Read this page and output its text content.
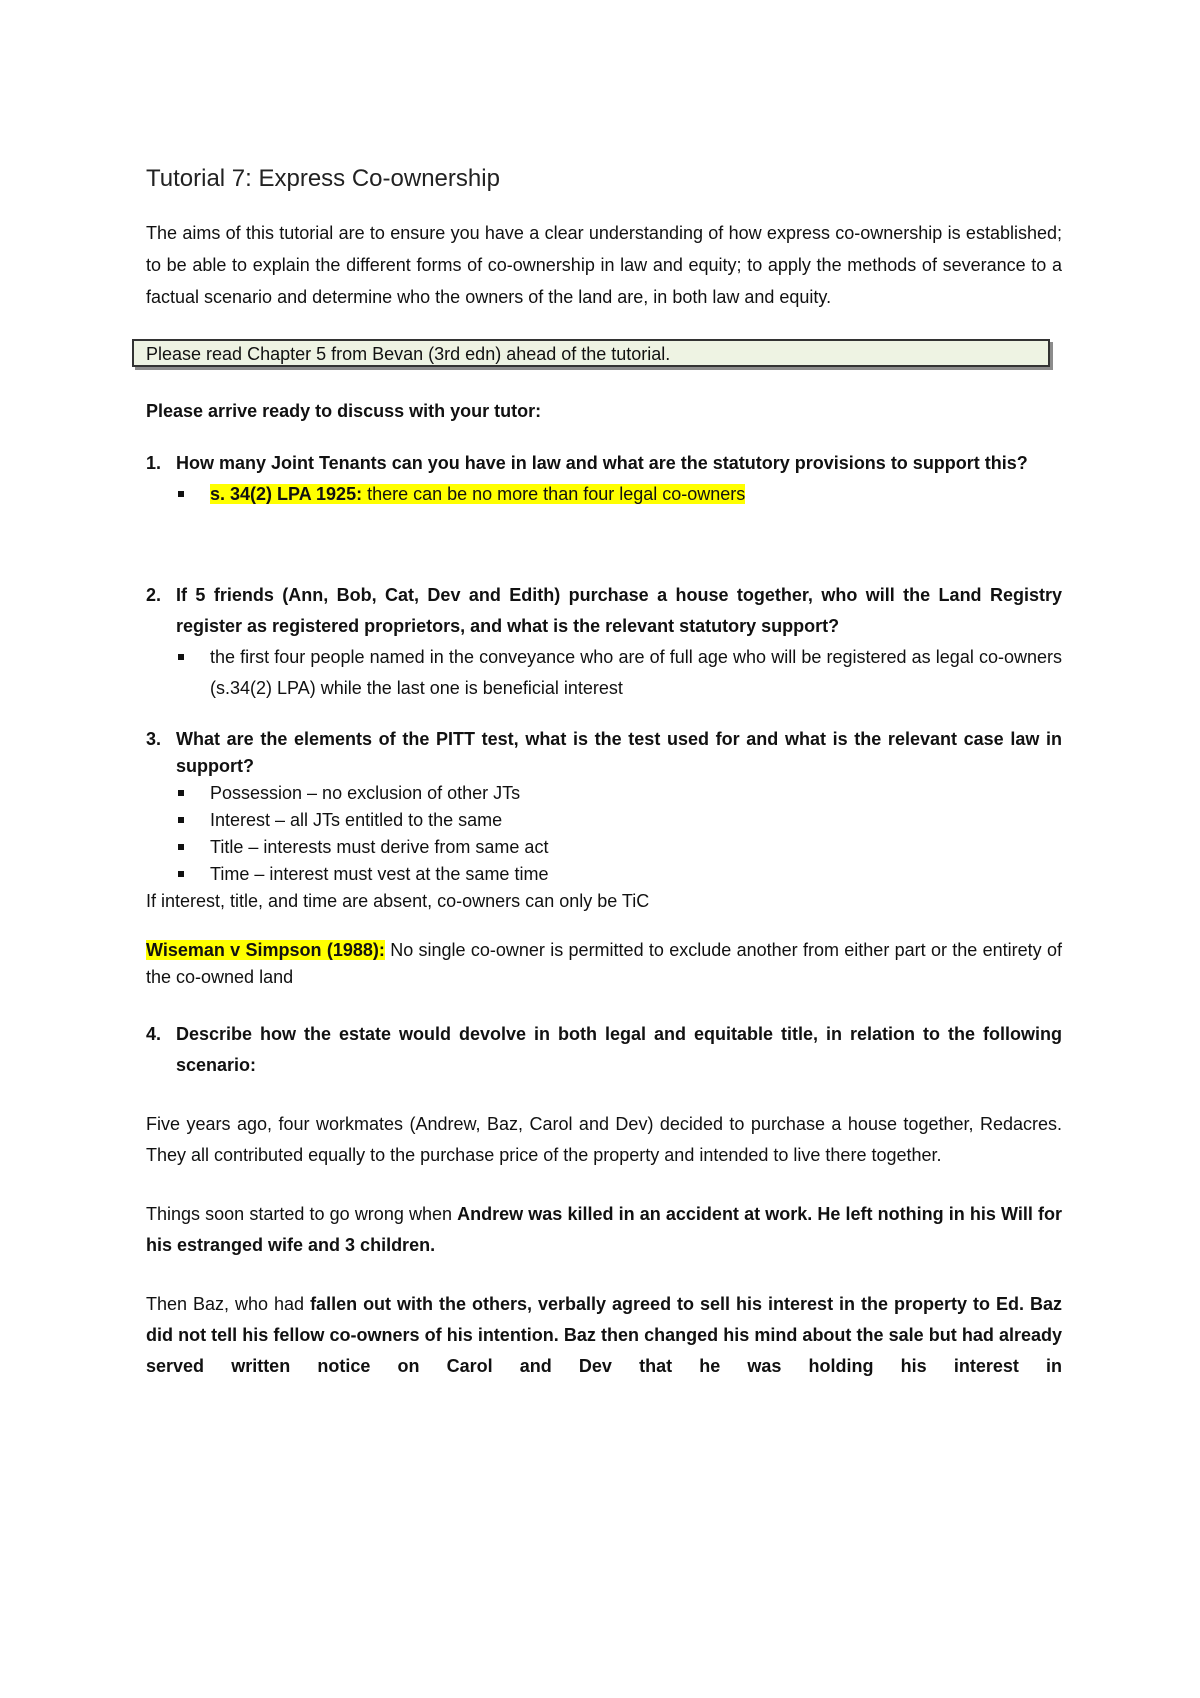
Tutorial 7: Express Co-ownership

The aims of this tutorial are to ensure you have a clear understanding of how express co-ownership is established; to be able to explain the different forms of co-ownership in law and equity; to apply the methods of severance to a factual scenario and determine who the owners of the land are, in both law and equity.

Please read Chapter 5 from Bevan (3rd edn) ahead of the tutorial.

Please arrive ready to discuss with your tutor:

1. How many Joint Tenants can you have in law and what are the statutory provisions to support this?
s. 34(2) LPA 1925: there can be no more than four legal co-owners
2. If 5 friends (Ann, Bob, Cat, Dev and Edith) purchase a house together, who will the Land Registry register as registered proprietors, and what is the relevant statutory support?
the first four people named in the conveyance who are of full age who will be registered as legal co-owners (s.34(2) LPA) while the last one is beneficial interest
3. What are the elements of the PITT test, what is the test used for and what is the relevant case law in support?
Possession – no exclusion of other JTs
Interest – all JTs entitled to the same
Title – interests must derive from same act
Time – interest must vest at the same time

If interest, title, and time are absent, co-owners can only be TiC

Wiseman v Simpson (1988): No single co-owner is permitted to exclude another from either part or the entirety of the co-owned land

4. Describe how the estate would devolve in both legal and equitable title, in relation to the following scenario:

Five years ago, four workmates (Andrew, Baz, Carol and Dev) decided to purchase a house together, Redacres. They all contributed equally to the purchase price of the property and intended to live there together.

Things soon started to go wrong when Andrew was killed in an accident at work. He left nothing in his Will for his estranged wife and 3 children.

Then Baz, who had fallen out with the others, verbally agreed to sell his interest in the property to Ed. Baz did not tell his fellow co-owners of his intention. Baz then changed his mind about the sale but had already served written notice on Carol and Dev that he was holding his interest in
